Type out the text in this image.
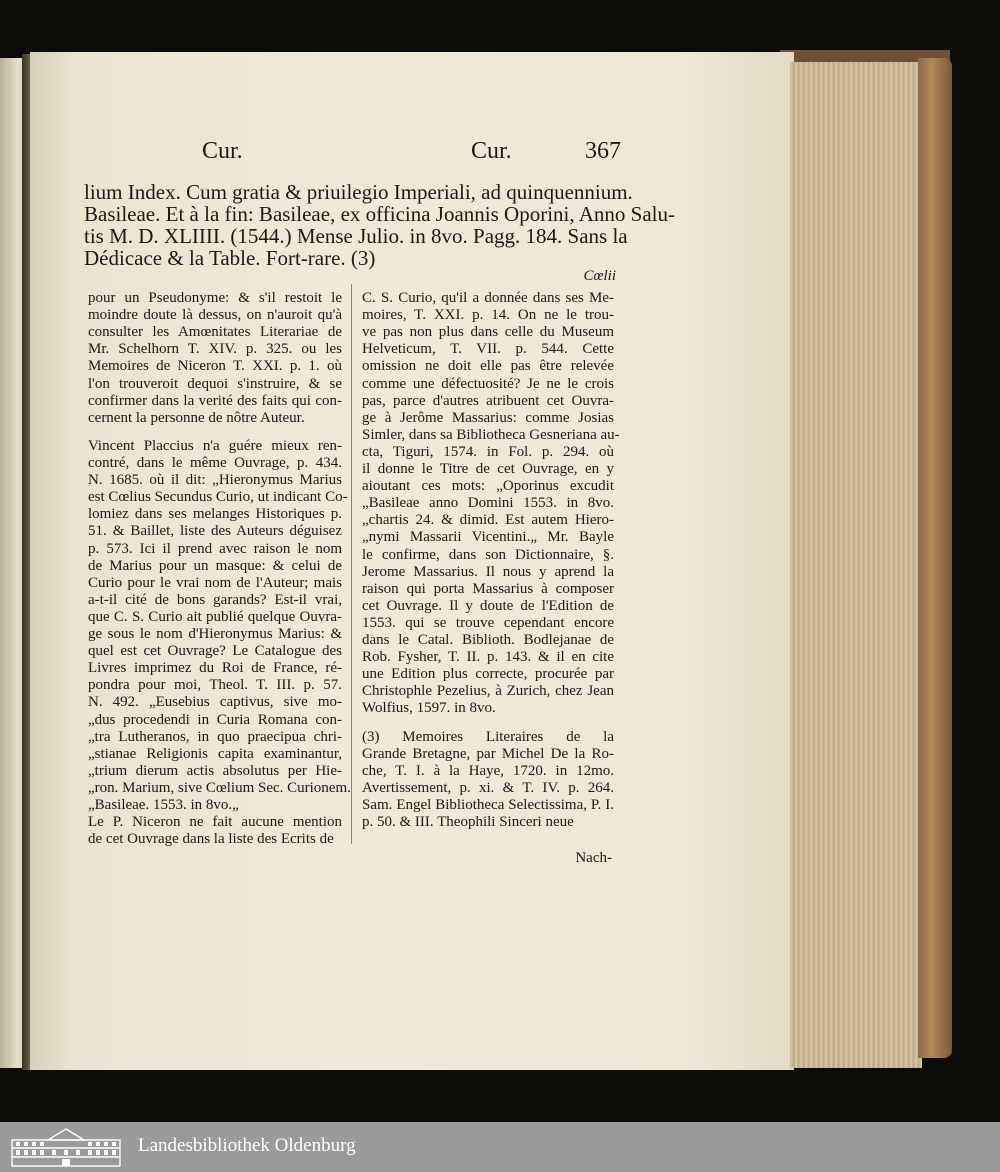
Cur.	Cur.	367
lium Index. Cum gratia & priuilegio Imperiali, ad quinquennium.
Basileae. Et à la fin: Basileae, ex officina Joannis Oporini, Anno Salu-
tis M. D. XLIIII. (1544.) Mense Julio. in 8vo. Pagg. 184. Sans la
Dédicace & la Table. Fort-rare. (3)
Cœlii
pour un Pseudonyme: & s'il restoit le
moindre doute là dessus, on n'auroit qu'à
consulter les Amœnitates Literariae de
Mr. Schelhorn T. XIV. p. 325. ou les
Memoires de Niceron T. XXI. p. 1. où
l'on trouveroit dequoi s'instruire, & se
confirmer dans la verité des faits qui con-
cernent la personne de nôtre Auteur.
Vincent Placcius n'a guére mieux ren-
contré, dans le même Ouvrage, p. 434.
N. 1685. où il dit: „Hieronymus Marius
est Cœlius Secundus Curio, ut indicant Co-
lomiez dans ses melanges Historiques p.
51. & Baillet, liste des Auteurs déguisez
p. 573. Ici il prend avec raison le nom
de Marius pour un masque: & celui de
Curio pour le vrai nom de l'Auteur; mais
a-t-il cité de bons garands? Est-il vrai,
que C. S. Curio ait publié quelque Ouvra-
ge sous le nom d'Hieronymus Marius: &
quel est cet Ouvrage? Le Catalogue des
Livres imprimez du Roi de France, ré-
pondra pour moi, Theol. T. III. p. 57.
N. 492. „Eusebius captivus, sive mo-
„dus procedendi in Curia Romana con-
„tra Lutheranos, in quo praecipua chri-
„stianae Religionis capita examinantur,
„trium dierum actis absolutus per Hie-
„ron. Marium, sive Cœlium Sec. Curionem.
„Basileae. 1553. in 8vo.„
Le P. Niceron ne fait aucune mention
de cet Ouvrage dans la liste des Ecrits de
C. S. Curio, qu'il a donnée dans ses Me-
moires, T. XXI. p. 14. On ne le trou-
ve pas non plus dans celle du Museum
Helveticum, T. VII. p. 544. Cette
omission ne doit elle pas être relevée
comme une défectuosité? Je ne le crois
pas, parce d'autres atribuent cet Ouvra-
ge à Jerôme Massarius: comme Josias
Simler, dans sa Bibliotheca Gesneriana au-
cta, Tiguri, 1574. in Fol. p. 294. où
il donne le Titre de cet Ouvrage, en y
aioutant ces mots: „Oporinus excudit
„Basileae anno Domini 1553. in 8vo.
„chartis 24. & dimid. Est autem Hiero-
„nymi Massarii Vicentini.„ Mr. Bayle
le confirme, dans son Dictionnaire, §.
Jerome Massarius. Il nous y aprend la
raison qui porta Massarius à composer
cet Ouvrage. Il y doute de l'Edition de
1553. qui se trouve cependant encore
dans le Catal. Biblioth. Bodlejanae de
Rob. Fysher, T. II. p. 143. & il en cite
une Edition plus correcte, procurée par
Christophle Pezelius, à Zurich, chez Jean
Wolfius, 1597. in 8vo.
(3) Memoires Literaires de la
Grande Bretagne, par Michel De la Ro-
che, T. I. à la Haye, 1720. in 12mo.
Avertissement, p. xi. & T. IV. p. 264.
Sam. Engel Bibliotheca Selectissima, P. I.
p. 50. & III. Theophili Sinceri neue
Nach-
Landesbibliothek Oldenburg
